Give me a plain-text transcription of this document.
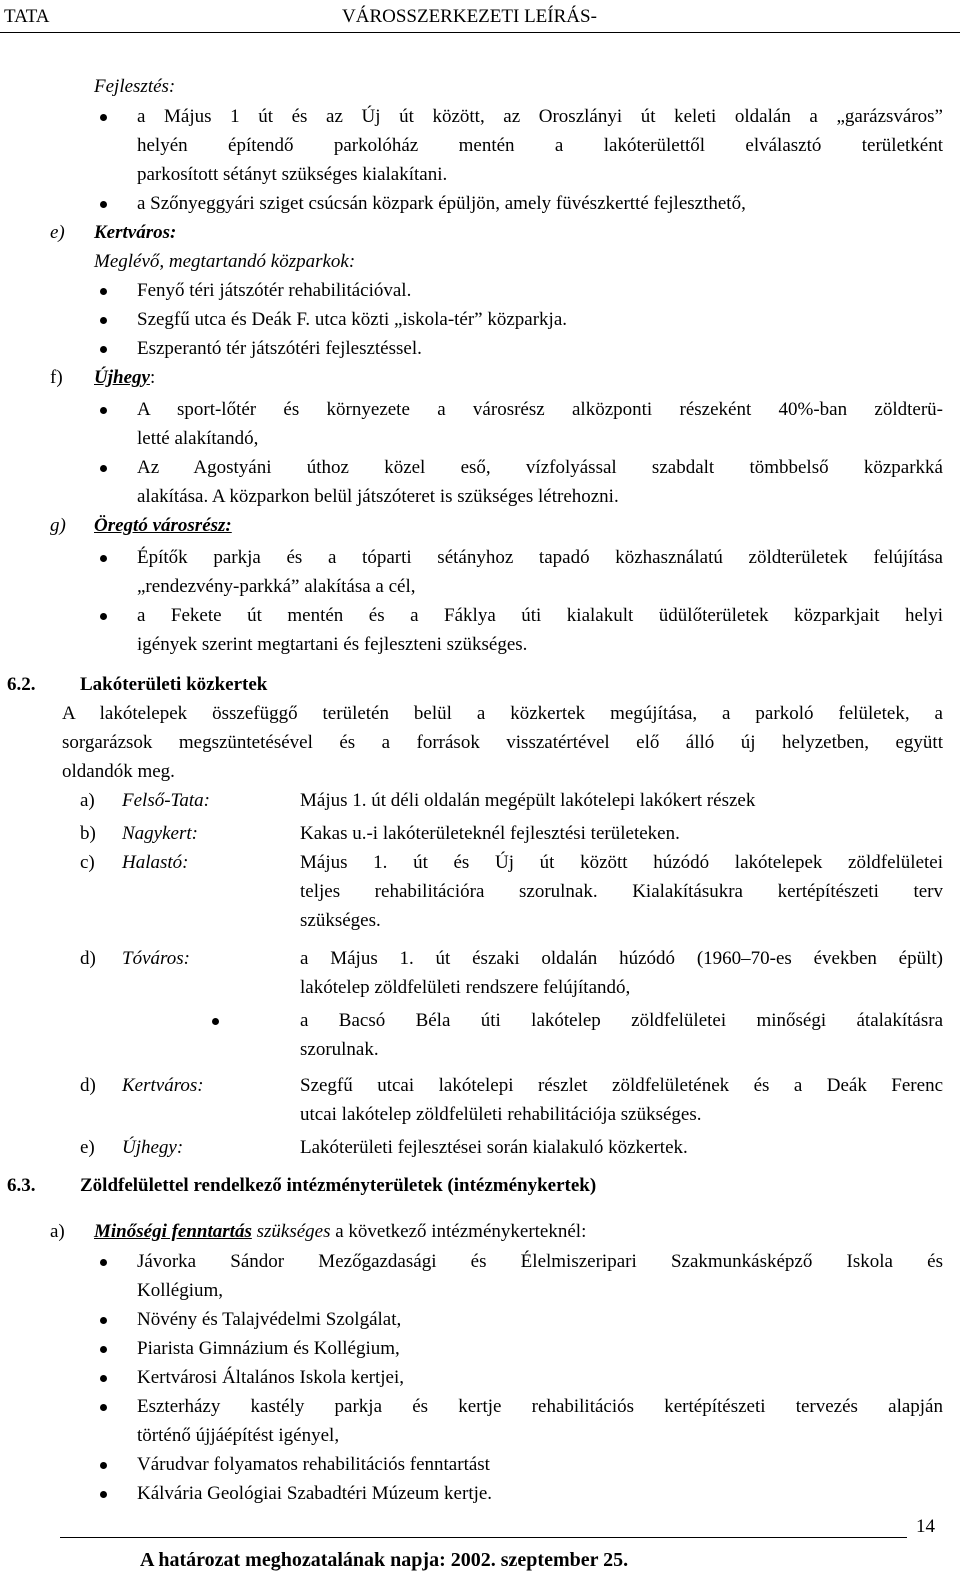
TATA	VÁROSSZERKEZETI LEÍRÁS-
Fejlesztés:
a Május 1 út és az Új út között, az Oroszlányi út keleti oldalán a „garázsváros”
helyén építendő parkolóház mentén a lakóterülettől elválasztó területként
parkosított sétányt szükséges kialakítani.
a Szőnyeggyári sziget csúcsán közpark épüljön, amely füvészkertté fejleszthető,
e) Kertváros:
Meglévő, megtartandó közparkok:
Fenyő téri játszótér rehabilitációval.
Szegfű utca és Deák F. utca közti „iskola-tér” közparkja.
Eszperantó tér játszótéri fejlesztéssel.
f) Újhegy:
A sport-lőtér és környezete a városrész alközponti részeként 40%-ban zöldterü-
letté alakítandó,
Az Agostyáni úthoz közel eső, vízfolyással szabdalt tömbbelső közparkká
alakítása. A közparkon belül játszóteret is szükséges létrehozni.
g) Öregtó városrész:
Építők parkja és a tóparti sétányhoz tapadó közhasználatú zöldterületek felújítása
„rendezvény-parkká” alakítása a cél,
a Fekete út mentén és a Fáklya úti kialakult üdülőterületek közparkjait helyi
igények szerint megtartani és fejleszteni szükséges.
6.2. Lakóterületi közkertek
A lakótelepek összefüggő területén belül a közkertek megújítása, a parkoló felületek, a
sorgarázsok megszüntetésével és a források visszatértével elő álló új helyzetben, együtt
oldandók meg.
a) Felső-Tata:	Május 1. út déli oldalán megépült lakótelepi lakókert részek
b) Nagykert:	Kakas u.-i lakóterületeknél fejlesztési területeken.
c) Halastó:	Május 1. út és Új út között húzódó lakótelepek zöldfelületei
teljes rehabilitációra szorulnak. Kialakításukra kertépítészeti terv
szükséges.
d) Tóváros:	a Május 1. út északi oldalán húzódó (1960–70-es években épült)
lakótelep zöldfelületi rendszere felújítandó,
a Bacsó Béla úti lakótelep zöldfelületei minőségi átalakításra
szorulnak.
d) Kertváros:	Szegfű utcai lakótelepi részlet zöldfelületének és a Deák Ferenc
utcai lakótelep zöldfelületi rehabilitációja szükséges.
e) Újhegy:	Lakóterületi fejlesztései során kialakuló közkertek.
6.3. Zöldfelülettel rendelkező intézményterületek (intézménykertek)
a) Minőségi fenntartás szükséges a következő intézménykerteknél:
Jávorka Sándor Mezőgazdasági és Élelmiszeripari Szakmunkásképző Iskola és
Kollégium,
Növény és Talajvédelmi Szolgálat,
Piarista Gimnázium és Kollégium,
Kertvárosi Általános Iskola kertjei,
Eszterházy kastély parkja és kertje rehabilitációs kertépítészeti tervezés alapján
történő újjáépítést igényel,
Várudvar folyamatos rehabilitációs fenntartást
Kálvária Geológiai Szabadtéri Múzeum kertje.
14
A határozat meghozatalának napja: 2002. szeptember 25.
